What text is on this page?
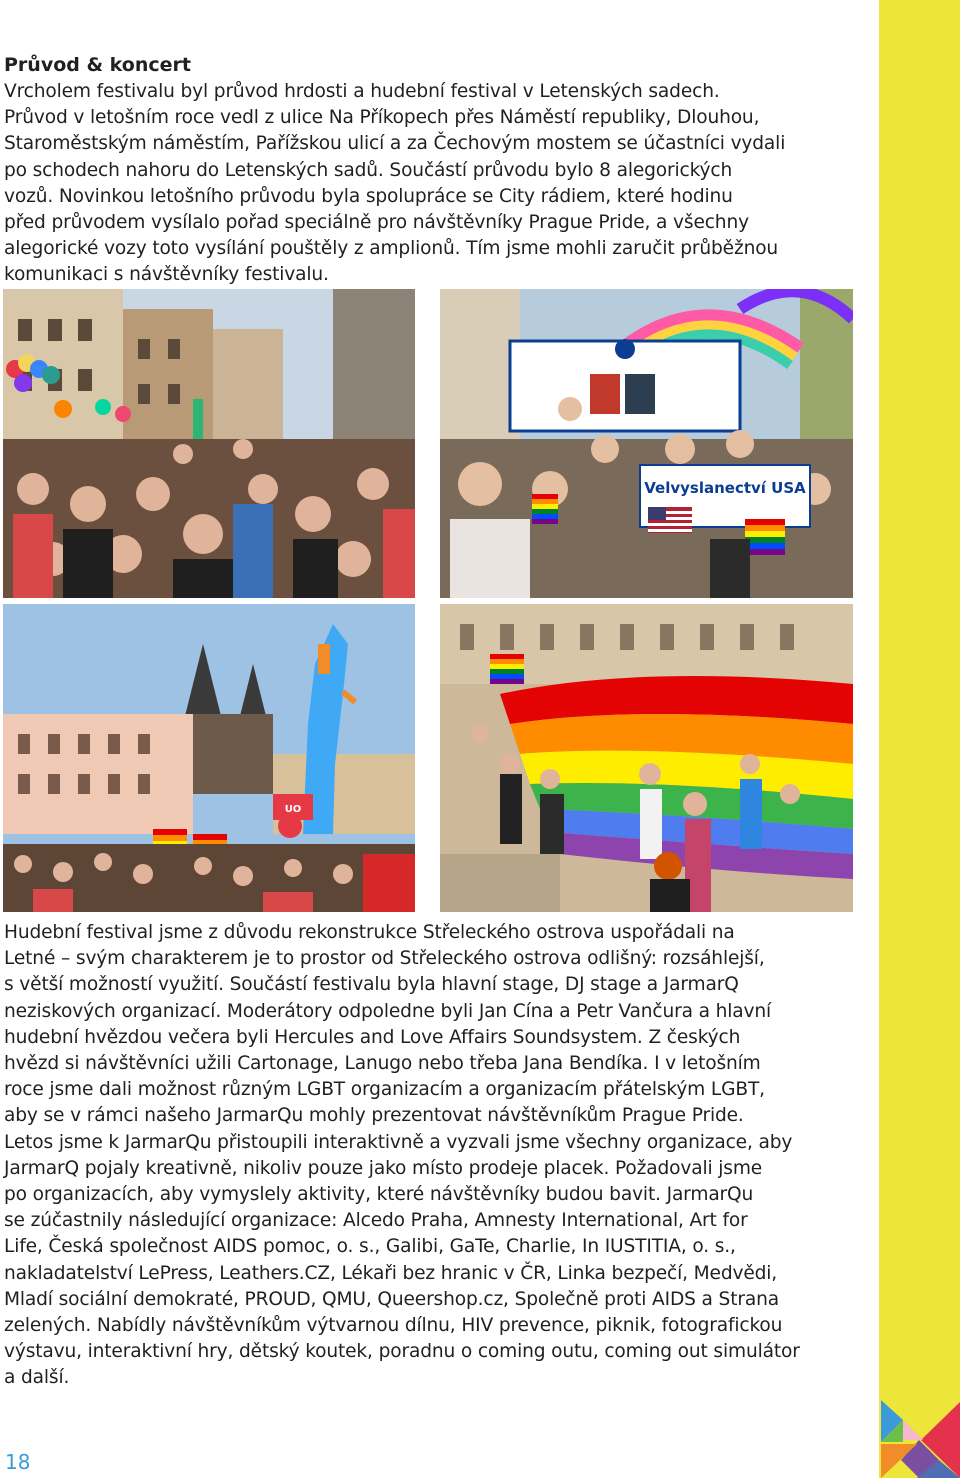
Průvod & koncert

Vrcholem festivalu byl průvod hrdosti a hudební festival v Letenských sadech.
Průvod v letošním roce vedl z ulice Na Příkopech přes Náměstí republiky, Dlouhou,
Staroměstským náměstím, Pařížskou ulicí a za Čechovým mostem se účastníci vydali
po schodech nahoru do Letenských sadů. Součástí průvodu bylo 8 alegorických
vozů. Novinkou letošního průvodu byla spolupráce se City rádiem, které hodinu
před průvodem vysílalo pořad speciálně pro návštěvníky Prague Pride, a všechny
alegorické vozy toto vysílání pouštěly z amplionů. Tím jsme mohli zaručit průběžnou
komunikaci s návštěvníky festivalu.

Velvyslanectví USA
UO

Hudební festival jsme z důvodu rekonstrukce Střeleckého ostrova uspořádali na
Letné – svým charakterem je to prostor od Střeleckého ostrova odlišný: rozsáhlejší,
s větší možností využití. Součástí festivalu byla hlavní stage, DJ stage a JarmarQ
neziskových organizací. Moderátory odpoledne byli Jan Cína a Petr Vančura a hlavní
hudební hvězdou večera byli Hercules and Love Affairs Soundsystem. Z českých
hvězd si návštěvníci užili Cartonage, Lanugo nebo třeba Jana Bendíka. I v letošním
roce jsme dali možnost různým LGBT organizacím a organizacím přátelským LGBT,
aby se v rámci našeho JarmarQu mohly prezentovat návštěvníkům Prague Pride.
Letos jsme k JarmarQu přistoupili interaktivně a vyzvali jsme všechny organizace, aby
JarmarQ pojaly kreativně, nikoliv pouze jako místo prodeje placek. Požadovali jsme
po organizacích, aby vymyslely aktivity, které návštěvníky budou bavit. JarmarQu
se zúčastnily následující organizace: Alcedo Praha, Amnesty International, Art for
Life, Česká společnost AIDS pomoc, o. s., Galibi, GaTe, Charlie, In IUSTITIA, o. s.,
nakladatelství LePress, Leathers.CZ, Lékaři bez hranic v ČR, Linka bezpečí, Medvědi,
Mladí sociální demokraté, PROUD, QMU, Queershop.cz, Společně proti AIDS a Strana
zelených. Nabídly návštěvníkům výtvarnou dílnu, HIV prevence, piknik, fotografickou
výstavu, interaktivní hry, dětský koutek, poradnu o coming outu, coming out simulátor
a další.

18
